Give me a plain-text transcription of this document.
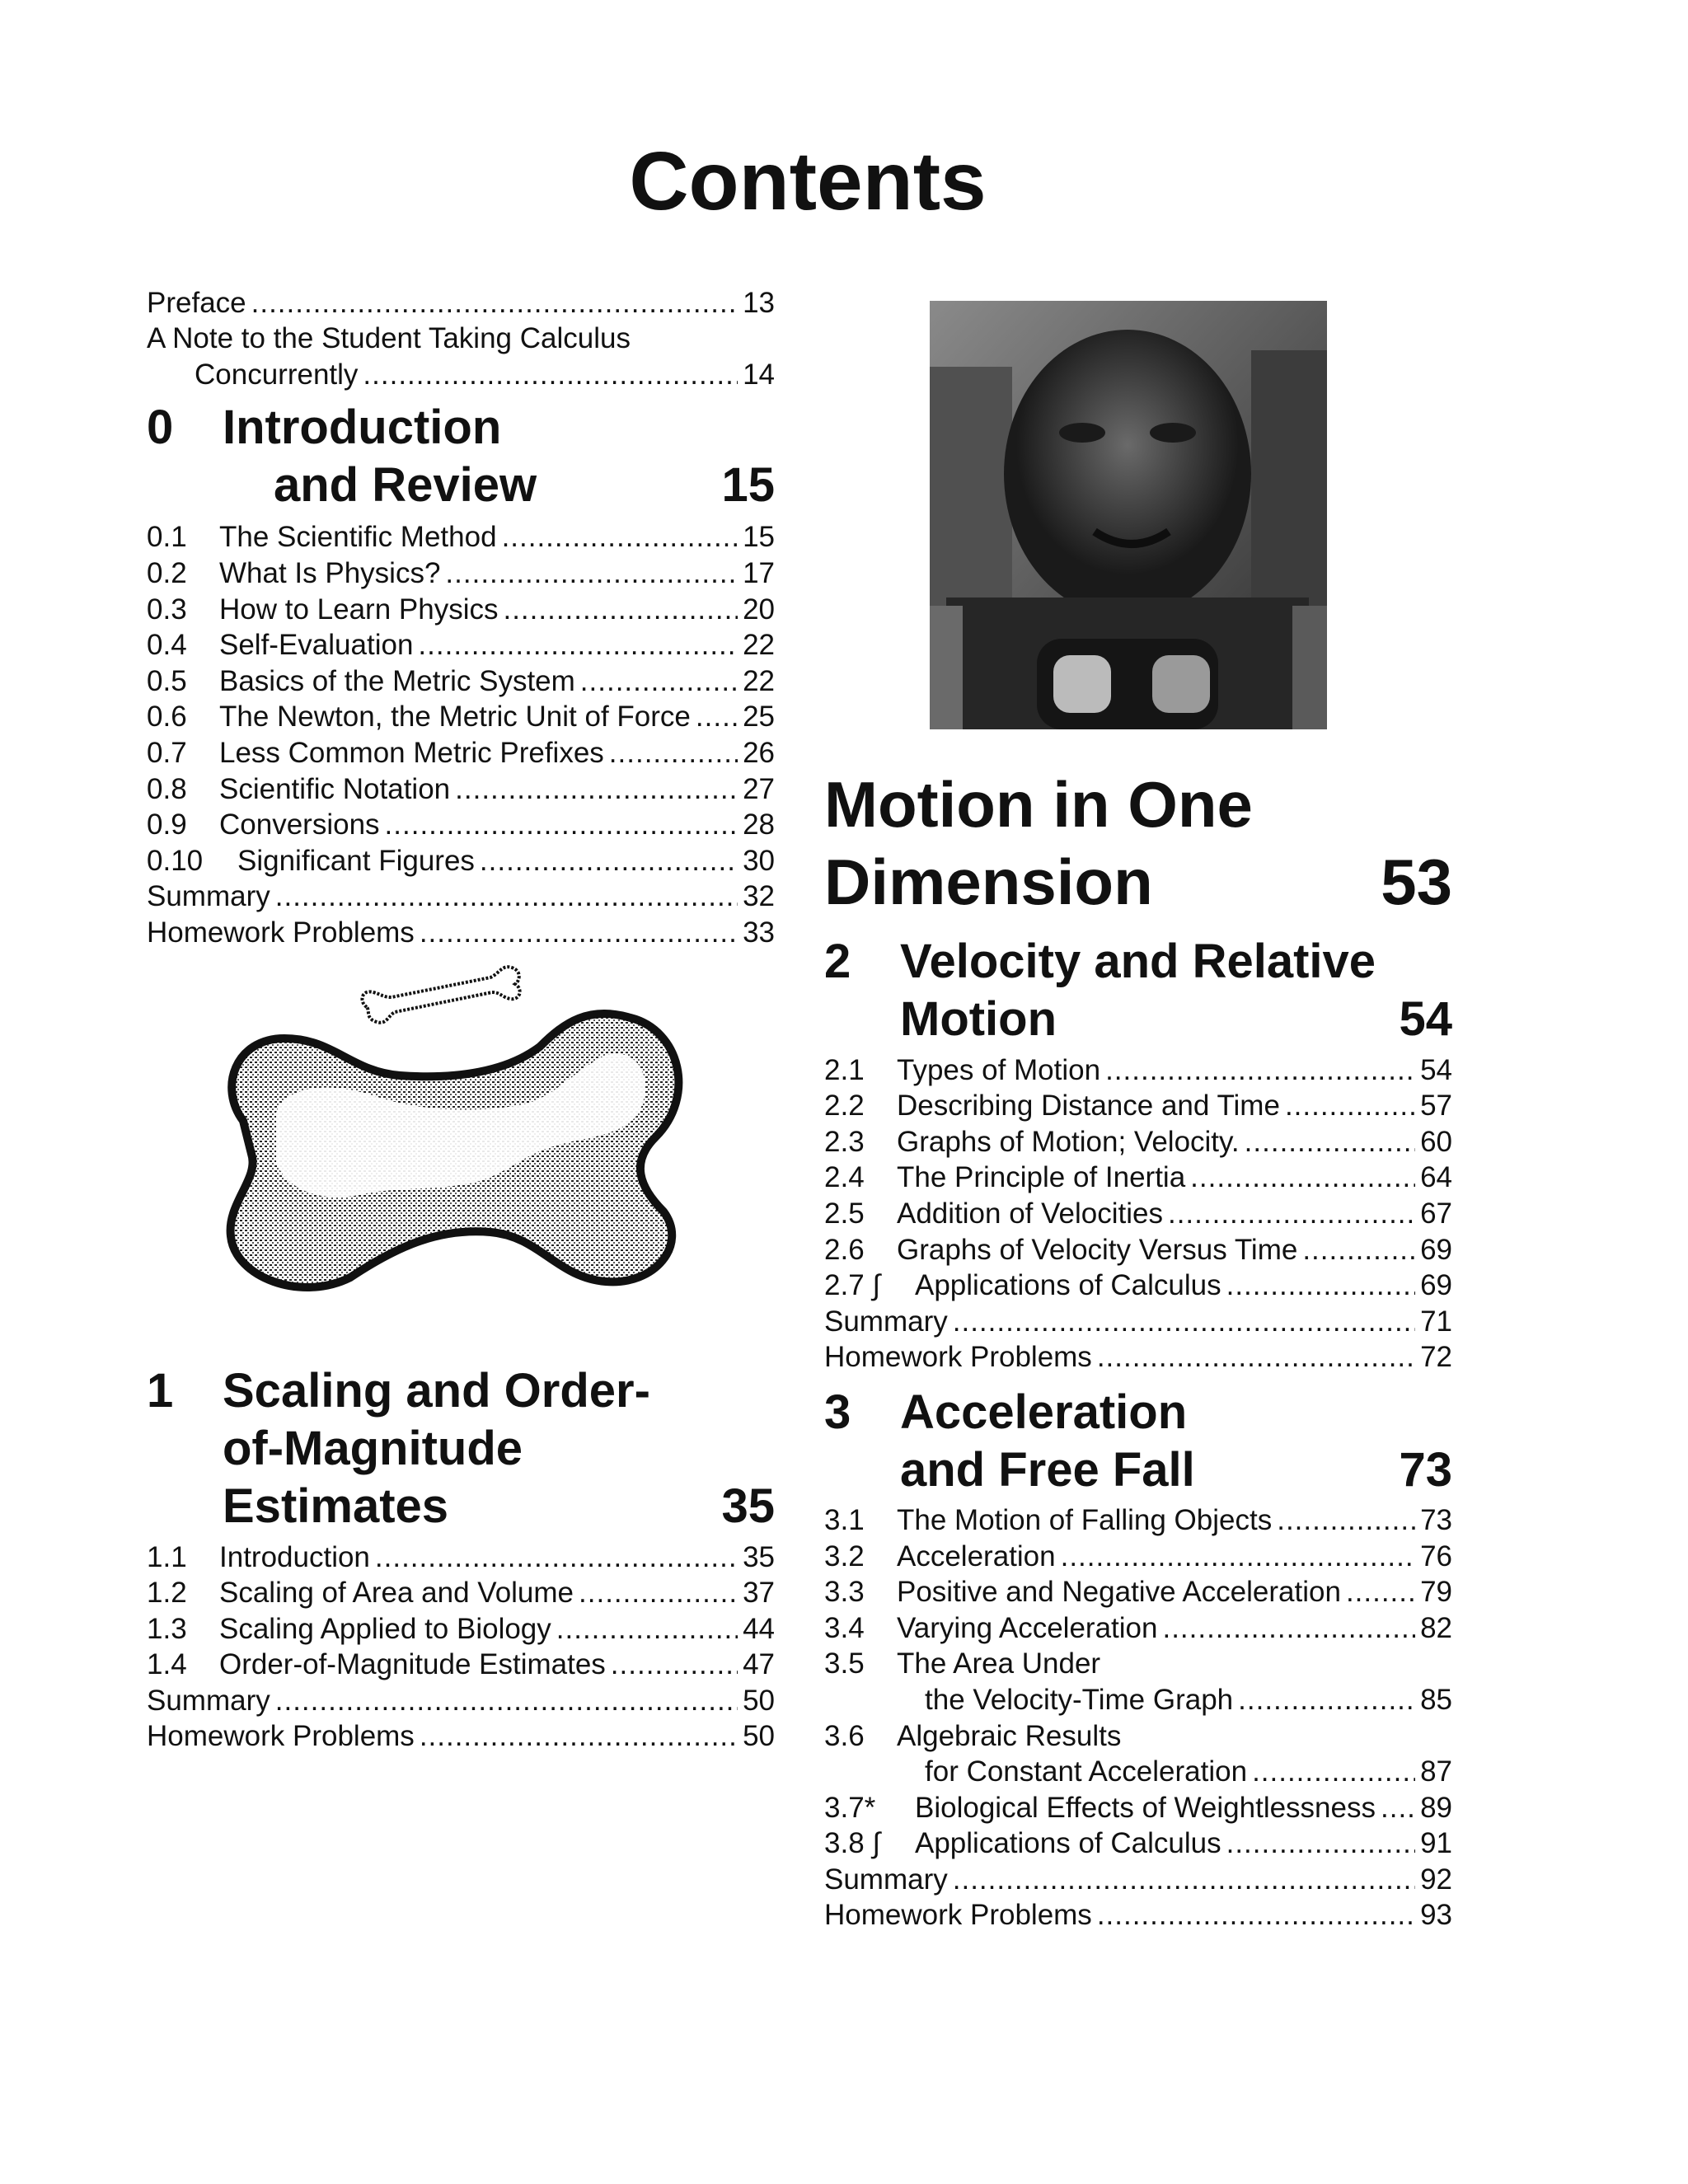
Contents
Preface .....	13
A Note to the Student Taking Calculus
Concurrently .....	14
0	Introduction
and Review	15
0.1	The Scientific Method .....	15
0.2	What Is Physics? .....	17
0.3	How to Learn Physics .....	20
0.4	Self-Evaluation .....	22
0.5	Basics of the Metric System .....	22
0.6	The Newton, the Metric Unit of Force ..... 25
0.7	Less Common Metric Prefixes .....	26
0.8	Scientific Notation .....	27
0.9	Conversions .....	28
0.10	Significant Figures .....	30
Summary .....	32
Homework Problems .....	33
1	Scaling and Order-
of-Magnitude
Estimates	35
1.1	Introduction .....	35
1.2	Scaling of Area and Volume .....	37
1.3	Scaling Applied to Biology .....	44
1.4	Order-of-Magnitude Estimates .....	47
Summary .....	50
Homework Problems .....	50
Motion in One
Dimension	53
2	Velocity and Relative
Motion	54
2.1	Types of Motion .....	54
2.2	Describing Distance and Time .....	57
2.3	Graphs of Motion; Velocity. .....	60
2.4	The Principle of Inertia .....	64
2.5	Addition of Velocities .....	67
2.6	Graphs of Velocity Versus Time .....	69
2.7 ∫	Applications of Calculus .....	69
Summary .....	71
Homework Problems .....	72
3	Acceleration
and Free Fall	73
3.1	The Motion of Falling Objects .....	73
3.2	Acceleration .....	76
3.3	Positive and Negative Acceleration .....	79
3.4	Varying Acceleration .....	82
3.5	The Area Under
the Velocity-Time Graph .....	85
3.6	Algebraic Results
for Constant Acceleration .....	87
3.7*	Biological Effects of Weightlessness ..... 89
3.8 ∫	Applications of Calculus .....	91
Summary .....	92
Homework Problems .....	93
